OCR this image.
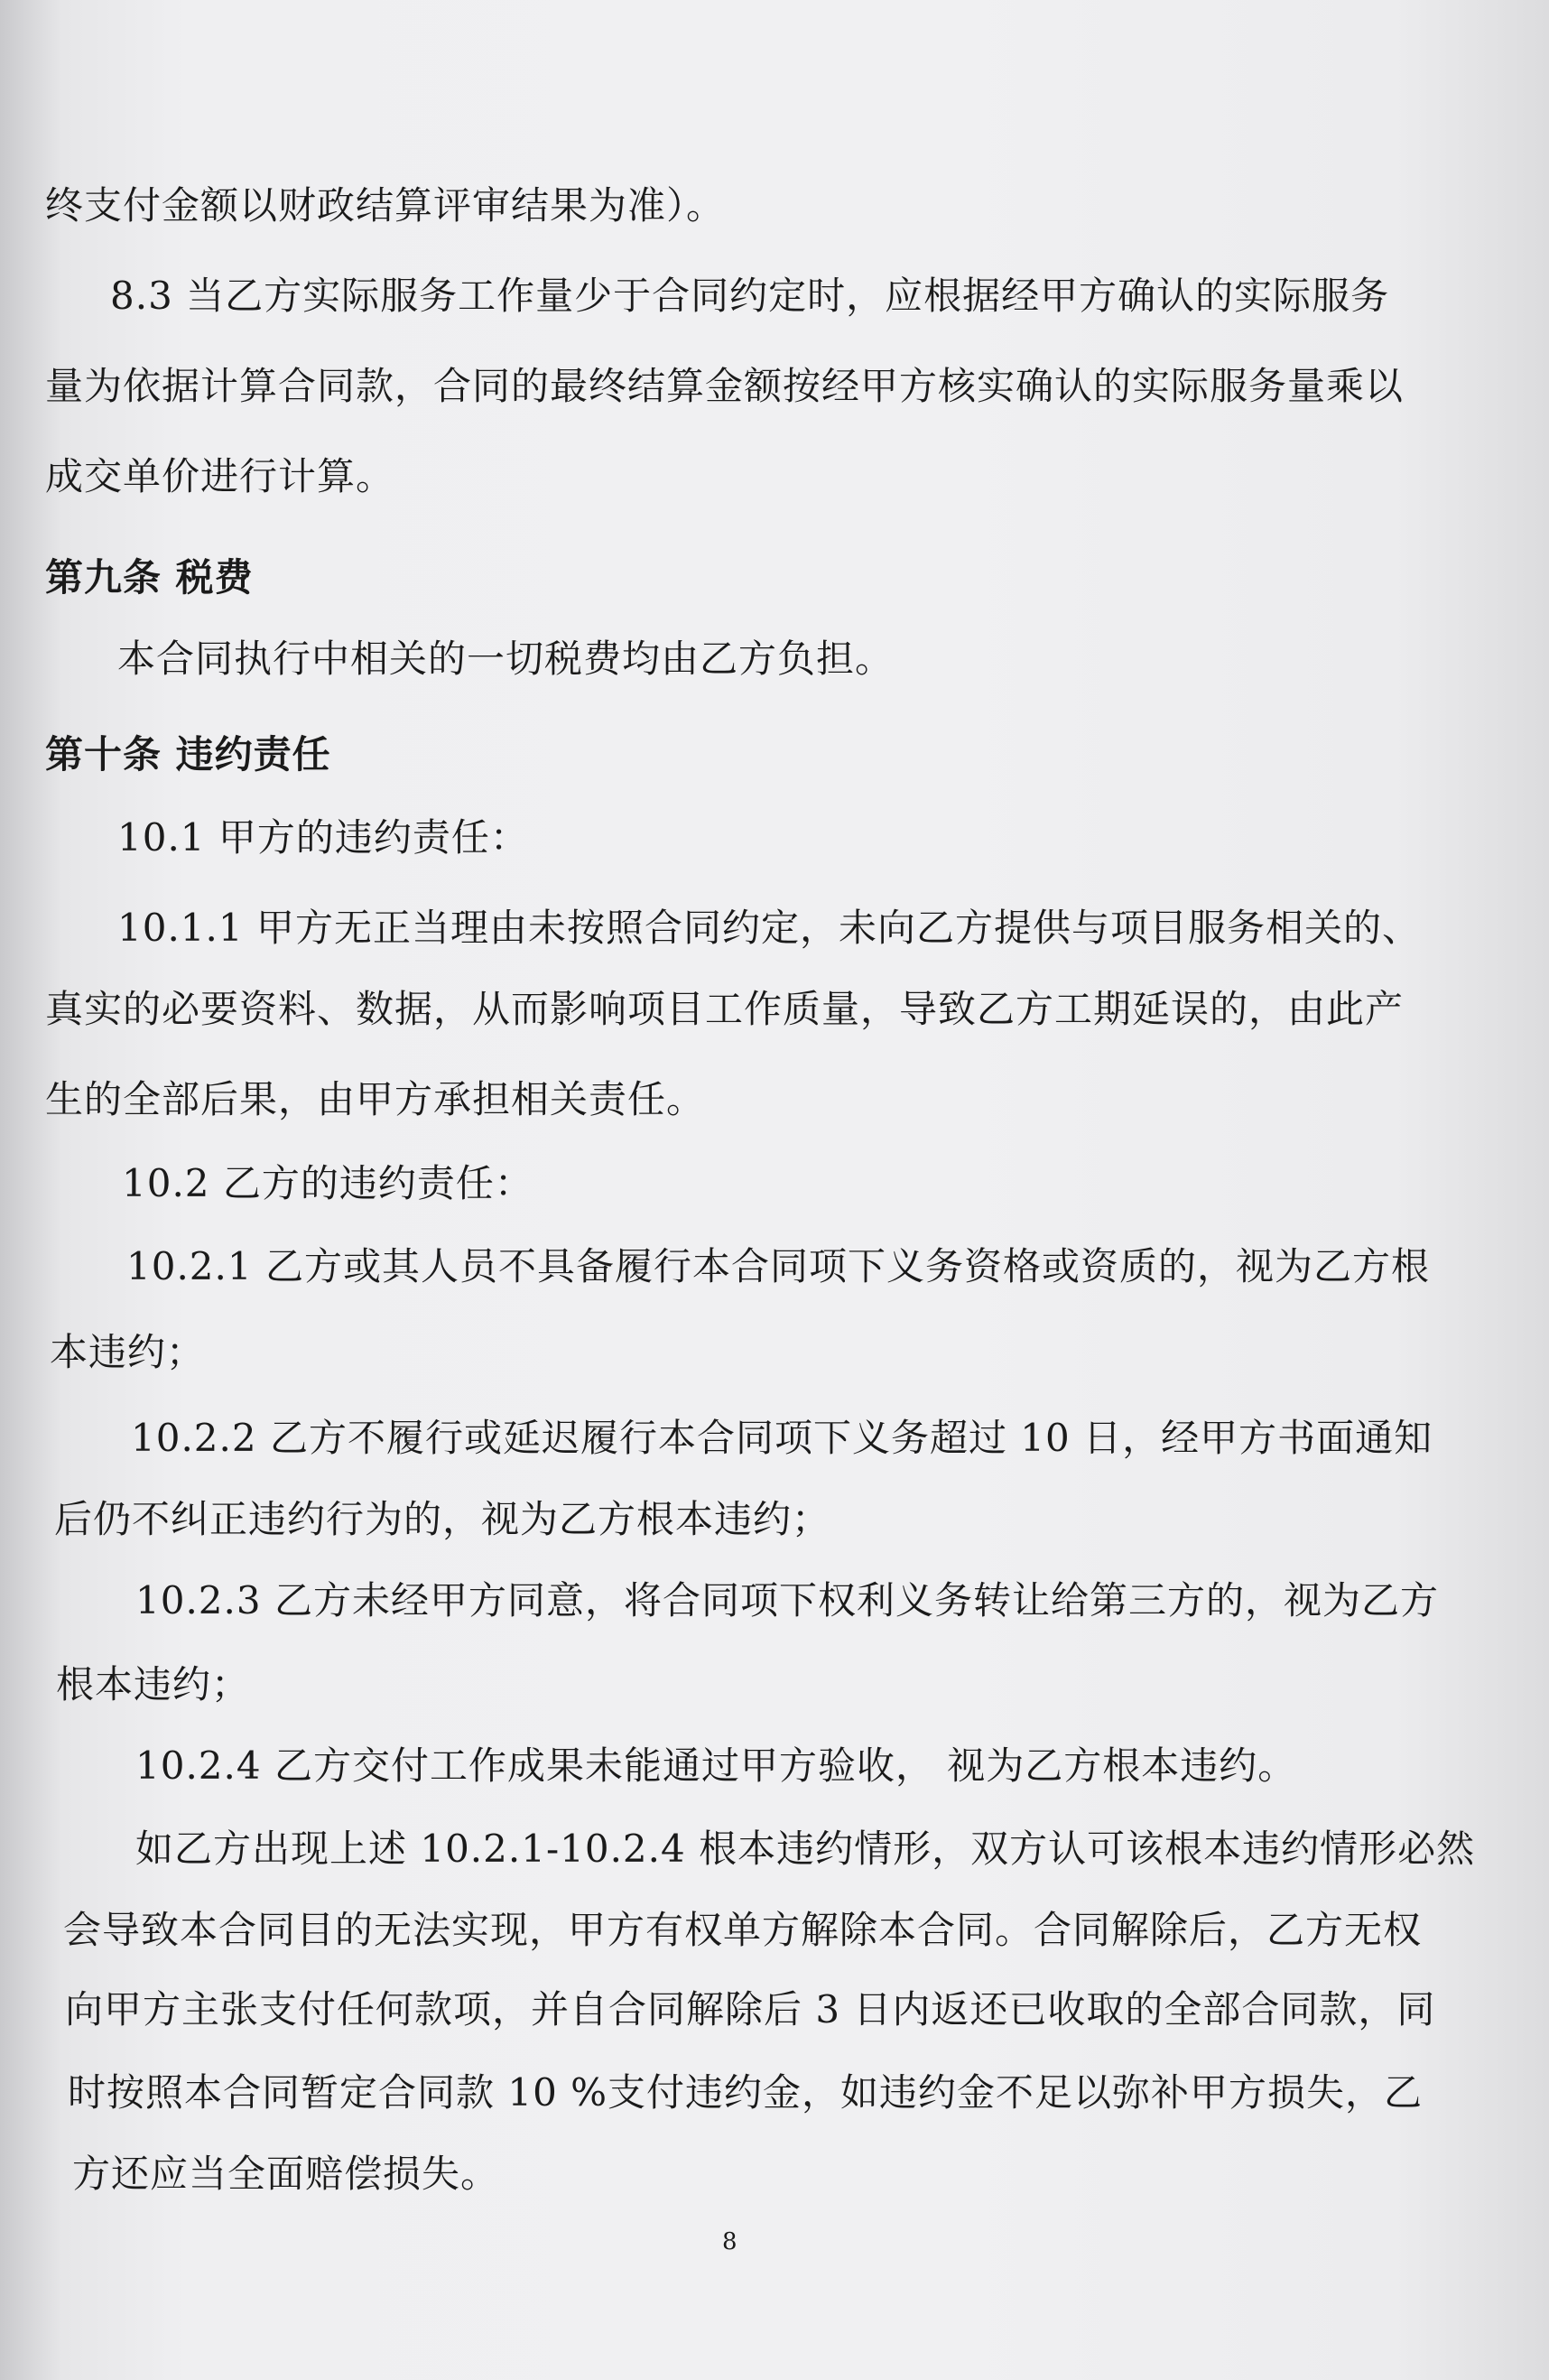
终支付金额以财政结算评审结果为准）。
8.3 当乙方实际服务工作量少于合同约定时，应根据经甲方确认的实际服务
量为依据计算合同款，合同的最终结算金额按经甲方核实确认的实际服务量乘以
成交单价进行计算。
第九条 税费
本合同执行中相关的一切税费均由乙方负担。
第十条 违约责任
10.1 甲方的违约责任：
10.1.1 甲方无正当理由未按照合同约定，未向乙方提供与项目服务相关的、
真实的必要资料、数据，从而影响项目工作质量，导致乙方工期延误的，由此产
生的全部后果，由甲方承担相关责任。
10.2 乙方的违约责任：
10.2.1 乙方或其人员不具备履行本合同项下义务资格或资质的，视为乙方根
本违约；
10.2.2 乙方不履行或延迟履行本合同项下义务超过 10 日，经甲方书面通知
后仍不纠正违约行为的，视为乙方根本违约；
10.2.3 乙方未经甲方同意，将合同项下权利义务转让给第三方的，视为乙方
根本违约；
10.2.4 乙方交付工作成果未能通过甲方验收， 视为乙方根本违约。
如乙方出现上述 10.2.1-10.2.4 根本违约情形，双方认可该根本违约情形必然
会导致本合同目的无法实现，甲方有权单方解除本合同。合同解除后，乙方无权
向甲方主张支付任何款项，并自合同解除后 3 日内返还已收取的全部合同款，同
时按照本合同暂定合同款 10 %支付违约金，如违约金不足以弥补甲方损失，乙
方还应当全面赔偿损失。
8
